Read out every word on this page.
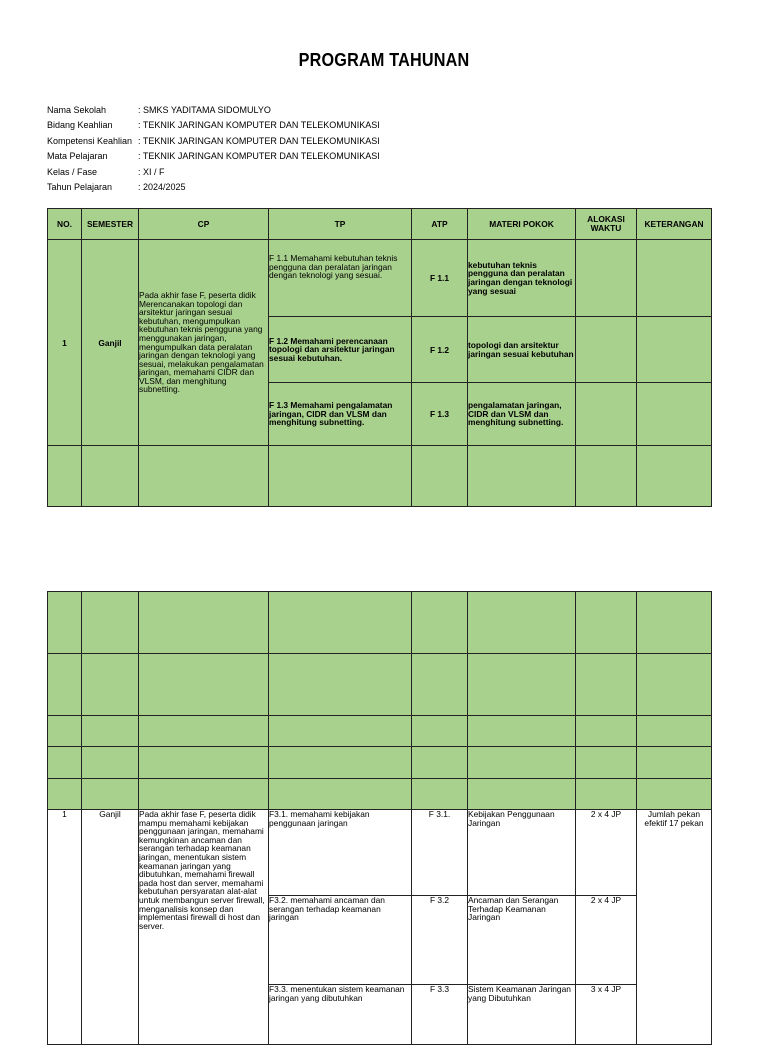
PROGRAM TAHUNAN
Nama Sekolah	: SMKS YADITAMA SIDOMULYO
Bidang Keahlian	: TEKNIK JARINGAN KOMPUTER DAN TELEKOMUNIKASI
Kompetensi Keahlian : TEKNIK JARINGAN KOMPUTER DAN TELEKOMUNIKASI
Mata Pelajaran	: TEKNIK JARINGAN KOMPUTER DAN TELEKOMUNIKASI
Kelas / Fase	: XI / F
Tahun Pelajaran	: 2024/2025
NO.	SEMESTER	CP	TP	ATP	MATERI POKOK	ALOKASI WAKTU	KETERANGAN
1	Ganjil	Pada akhir fase F, peserta didik Merencanakan topologi dan arsitektur jaringan sesuai kebutuhan, mengumpulkan kebutuhan teknis pengguna yang menggunakan jaringan, mengumpulkan data peralatan jaringan dengan teknologi yang sesuai, melakukan pengalamatan jaringan, memahami CIDR dan VLSM, dan menghitung subnetting.	F 1.1 Memahami kebutuhan teknis pengguna dan peralatan jaringan dengan teknologi yang sesuai.	F 1.1	kebutuhan teknis pengguna dan peralatan jaringan dengan teknologi yang sesuai		
			F 1.2 Memahami perencanaan topologi dan arsitektur jaringan sesuai kebutuhan.	F 1.2	topologi dan arsitektur jaringan sesuai kebutuhan		
			F 1.3 Memahami pengalamatan jaringan, CIDR dan VLSM dan menghitung subnetting.	F 1.3	pengalamatan jaringan, CIDR dan VLSM dan menghitung subnetting.		

1	Ganjil	Pada akhir fase F, peserta didik mampu memahami kebijakan penggunaan jaringan, memahami kemungkinan ancaman dan serangan terhadap keamanan jaringan, menentukan sistem keamanan jaringan yang dibutuhkan, memahami firewall pada host dan server, memahami kebutuhan persyaratan alat-alat untuk membangun server firewall, menganalisis konsep dan implementasi firewall di host dan server.	F3.1. memahami kebijakan penggunaan jaringan	F 3.1.	Kebijakan Penggunaan Jaringan	2 x 4 JP	Jumlah pekan efektif 17 pekan
			F3.2. memahami ancaman dan serangan terhadap keamanan jaringan	F 3.2	Ancaman dan Serangan Terhadap Keamanan Jaringan	2 x 4 JP	
			F3.3. menentukan sistem keamanan jaringan yang dibutuhkan	F 3.3	Sistem Keamanan Jaringan yang Dibutuhkan	3 x 4 JP	
